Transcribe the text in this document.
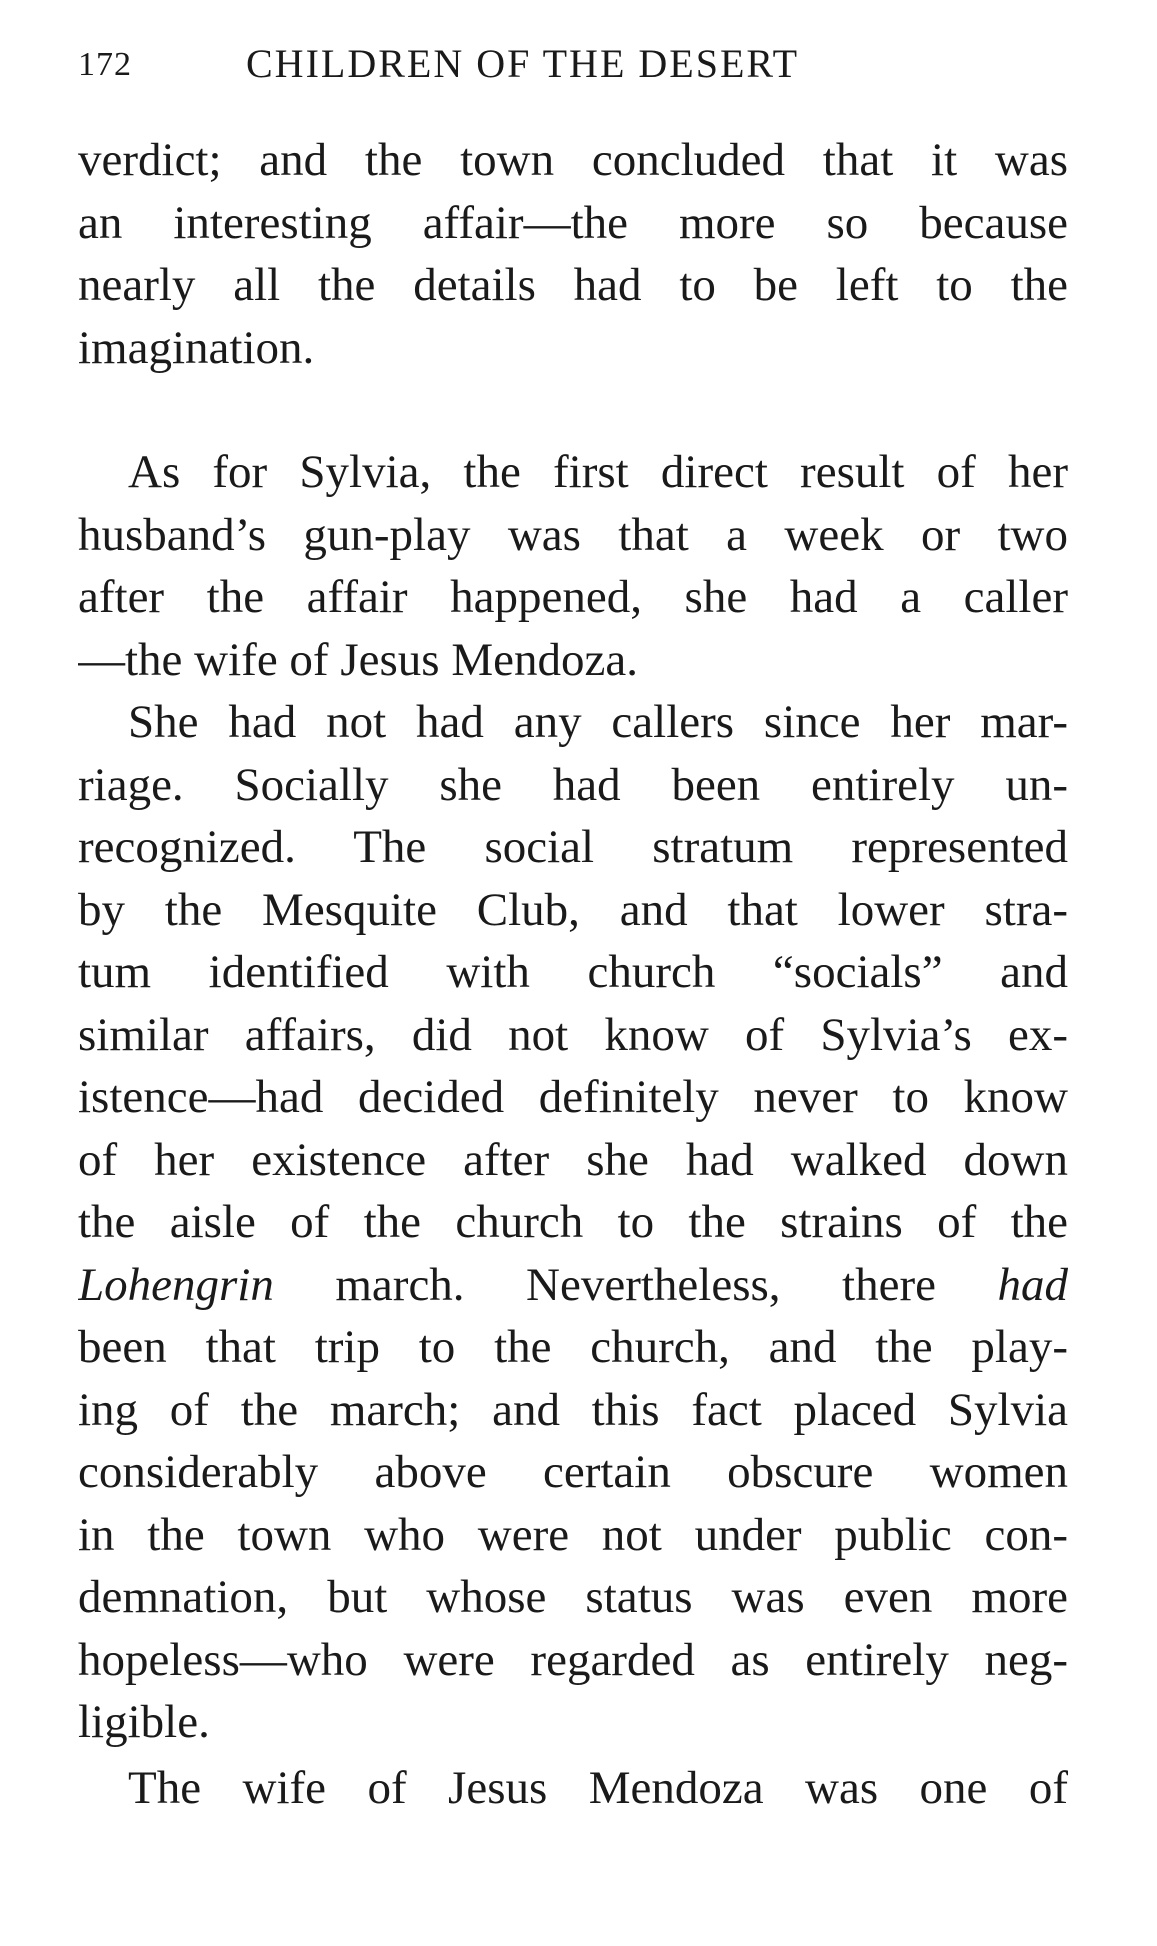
172	CHILDREN OF THE DESERT
verdict; and the town concluded that it was
an interesting affair—the more so because
nearly all the details had to be left to the
imagination.
As for Sylvia, the first direct result of her
husband’s gun-play was that a week or two
after the affair happened, she had a caller
—the wife of Jesus Mendoza.
She had not had any callers since her mar-
riage. Socially she had been entirely un-
recognized. The social stratum represented
by the Mesquite Club, and that lower stra-
tum identified with church “socials” and
similar affairs, did not know of Sylvia’s ex-
istence—had decided definitely never to know
of her existence after she had walked down
the aisle of the church to the strains of the
Lohengrin march. Nevertheless, there had
been that trip to the church, and the play-
ing of the march; and this fact placed Sylvia
considerably above certain obscure women
in the town who were not under public con-
demnation, but whose status was even more
hopeless—who were regarded as entirely neg-
ligible.
The wife of Jesus Mendoza was one of
